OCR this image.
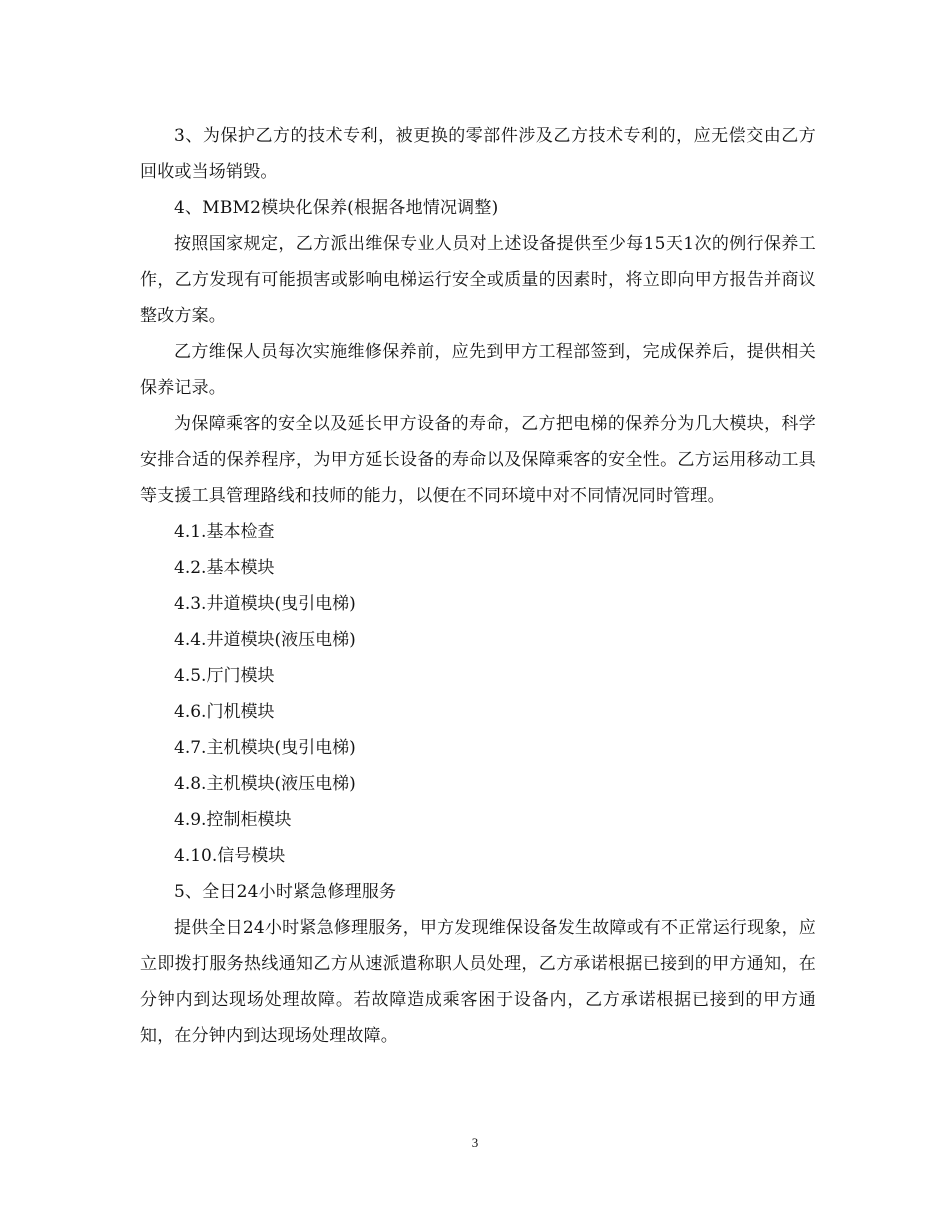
3、为保护乙方的技术专利，被更换的零部件涉及乙方技术专利的，应无偿交由乙方回收或当场销毁。

4、MBM2模块化保养(根据各地情况调整)

按照国家规定，乙方派出维保专业人员对上述设备提供至少每15天1次的例行保养工作，乙方发现有可能损害或影响电梯运行安全或质量的因素时，将立即向甲方报告并商议整改方案。

乙方维保人员每次实施维修保养前，应先到甲方工程部签到，完成保养后，提供相关保养记录。

为保障乘客的安全以及延长甲方设备的寿命，乙方把电梯的保养分为几大模块，科学安排合适的保养程序，为甲方延长设备的寿命以及保障乘客的安全性。乙方运用移动工具等支援工具管理路线和技师的能力，以便在不同环境中对不同情况同时管理。

4.1.基本检查

4.2.基本模块

4.3.井道模块(曳引电梯)

4.4.井道模块(液压电梯)

4.5.厅门模块

4.6.门机模块

4.7.主机模块(曳引电梯)

4.8.主机模块(液压电梯)

4.9.控制柜模块

4.10.信号模块

5、全日24小时紧急修理服务

提供全日24小时紧急修理服务，甲方发现维保设备发生故障或有不正常运行现象，应立即拨打服务热线通知乙方从速派遣称职人员处理，乙方承诺根据已接到的甲方通知，在分钟内到达现场处理故障。若故障造成乘客困于设备内，乙方承诺根据已接到的甲方通知，在分钟内到达现场处理故障。

3
